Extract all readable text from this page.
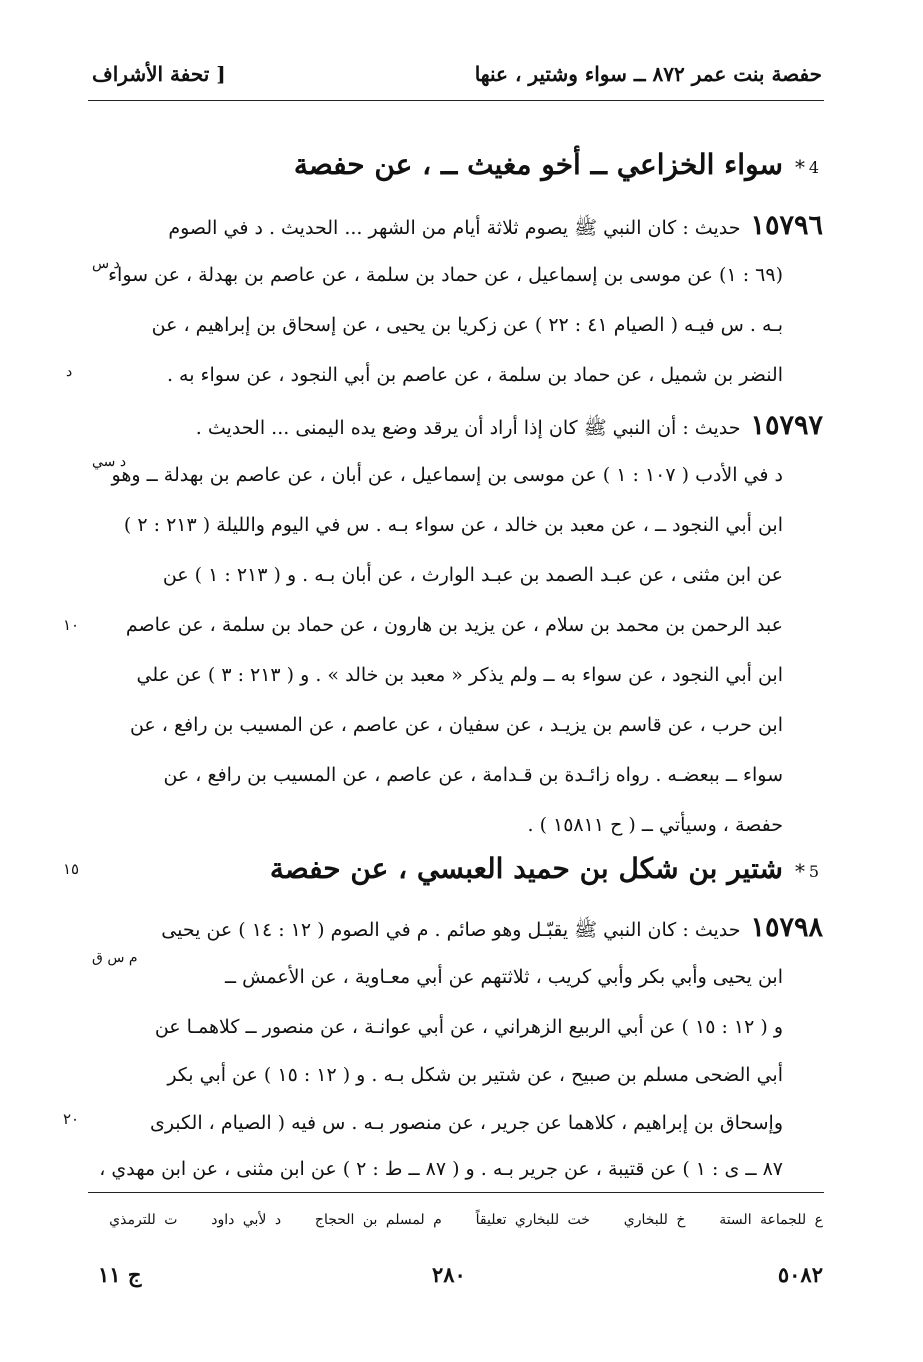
حفصة بنت عمر ٨٧٢ ــ سواء وشتير ، عنها
[ تحفة الأشراف
4
*
سواء الخزاعي ــ أخو مغيث ــ ، عن حفصة
١٥٧٩٦حديث : كان النبي ﷺ يصوم ثلاثة أيام من الشهر ... الحديث . د في الصوم
(٦٩ : ١) عن موسى بن إسماعيل ، عن حماد بن سلمة ، عن عاصم بن بهدلة ، عن سواء
د س
بـه . س فيـه ( الصيام ٤١ : ٢٢ ) عن زكريا بن يحيى ، عن إسحاق بن إبراهيم ، عن
النضر بن شميل ، عن حماد بن سلمة ، عن عاصم بن أبي النجود ، عن سواء به .
د
١٥٧٩٧حديث : أن النبي ﷺ كان إذا أراد أن يرقد وضع يده اليمنى ... الحديث .
د سي
د في الأدب ( ١٠٧ : ١ ) عن موسى بن إسماعيل ، عن أبان ، عن عاصم بن بهدلة ــ وهو
ابن أبي النجود ــ ، عن معبد بن خالد ، عن سواء بـه . س في اليوم والليلة ( ٢١٣ : ٢ )
عن ابن مثنى ، عن عبـد الصمد بن عبـد الوارث ، عن أبان بـه . و ( ٢١٣ : ١ ) عن
عبد الرحمن بن محمد بن سلام ، عن يزيد بن هارون ، عن حماد بن سلمة ، عن عاصم
١٠
ابن أبي النجود ، عن سواء به ــ ولم يذكر « معبد بن خالد » . و ( ٢١٣ : ٣ ) عن علي
ابن حرب ، عن قاسم بن يزيـد ، عن سفيان ، عن عاصم ، عن المسيب بن رافع ، عن
سواء ــ ببعضـه . رواه زائـدة بن قـدامة ، عن عاصم ، عن المسيب بن رافع ، عن
حفصة ، وسيأتي ــ ( ح ١٥٨١١ ) .
5
*
شتير بن شكل بن حميد العبسي ، عن حفصة
١٥
١٥٧٩٨حديث : كان النبي ﷺ يقبّـل وهو صائم . م في الصوم ( ١٢ : ١٤ ) عن يحيى
م س ق
ابن يحيى وأبي بكر وأبي كريب ، ثلاثتهم عن أبي معـاوية ، عن الأعمش ــ
و ( ١٢ : ١٥ ) عن أبي الربيع الزهراني ، عن أبي عوانـة ، عن منصور ــ كلاهمـا عن
أبي الضحى مسلم بن صبيح ، عن شتير بن شكل بـه . و ( ١٢ : ١٥ ) عن أبي بكر
وإسحاق بن إبراهيم ، كلاهما عن جرير ، عن منصور بـه . س فيه ( الصيام ، الكبرى
٢٠
٨٧ ــ ى : ١ ) عن قتيبة ، عن جرير بـه . و ( ٨٧ ــ ط : ٢ ) عن ابن مثنى ، عن ابن مهدي ،
ع للجماعة الستة    خ للبخاري    خت للبخاري تعليقاً    م لمسلم بن الحجاج    د لأبي داود    ت للترمذي
ج ١١	٢٨٠	٥٠٨٢
